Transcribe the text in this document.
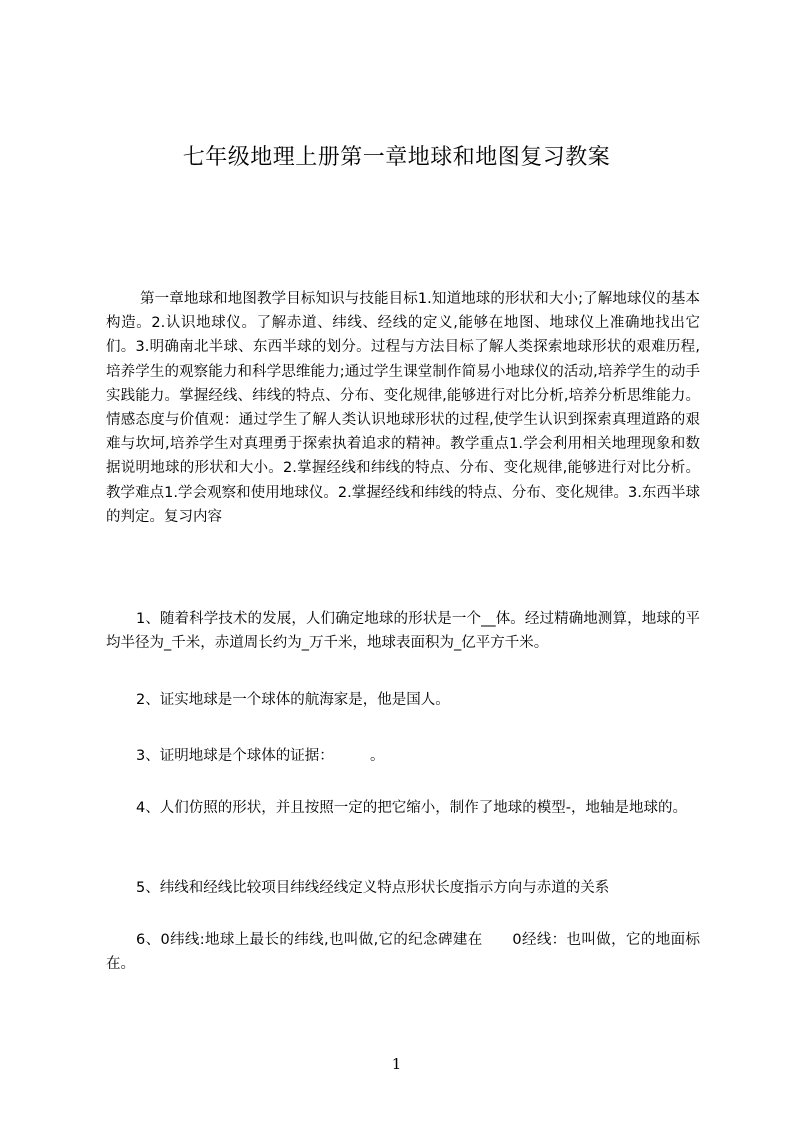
七年级地理上册第一章地球和地图复习教案

第一章地球和地图教学目标知识与技能目标1.知道地球的形状和大小;了解地球仪的基本构造。2.认识地球仪。了解赤道、纬线、经线的定义,能够在地图、地球仪上准确地找出它们。3.明确南北半球、东西半球的划分。过程与方法目标了解人类探索地球形状的艰难历程,培养学生的观察能力和科学思维能力;通过学生课堂制作简易小地球仪的活动,培养学生的动手实践能力。掌握经线、纬线的特点、分布、变化规律,能够进行对比分析,培养分析思维能力。情感态度与价值观：通过学生了解人类认识地球形状的过程,使学生认识到探索真理道路的艰难与坎坷,培养学生对真理勇于探索执着追求的精神。教学重点1.学会利用相关地理现象和数据说明地球的形状和大小。2.掌握经线和纬线的特点、分布、变化规律,能够进行对比分析。教学难点1.学会观察和使用地球仪。2.掌握经线和纬线的特点、分布、变化规律。3.东西半球的判定。复习内容

1、随着科学技术的发展，人们确定地球的形状是一个__体。经过精确地测算，地球的平均半径为_千米，赤道周长约为_万千米，地球表面积为_亿平方千米。

2、证实地球是一个球体的航海家是，他是国人。

3、证明地球是个球体的证据：　　　。

4、人们仿照的形状，并且按照一定的把它缩小，制作了地球的模型-，地轴是地球的。

5、纬线和经线比较项目纬线经线定义特点形状长度指示方向与赤道的关系

6、0纬线:地球上最长的纬线,也叫做,它的纪念碑建在　　0经线：也叫做，它的地面标在。

1
